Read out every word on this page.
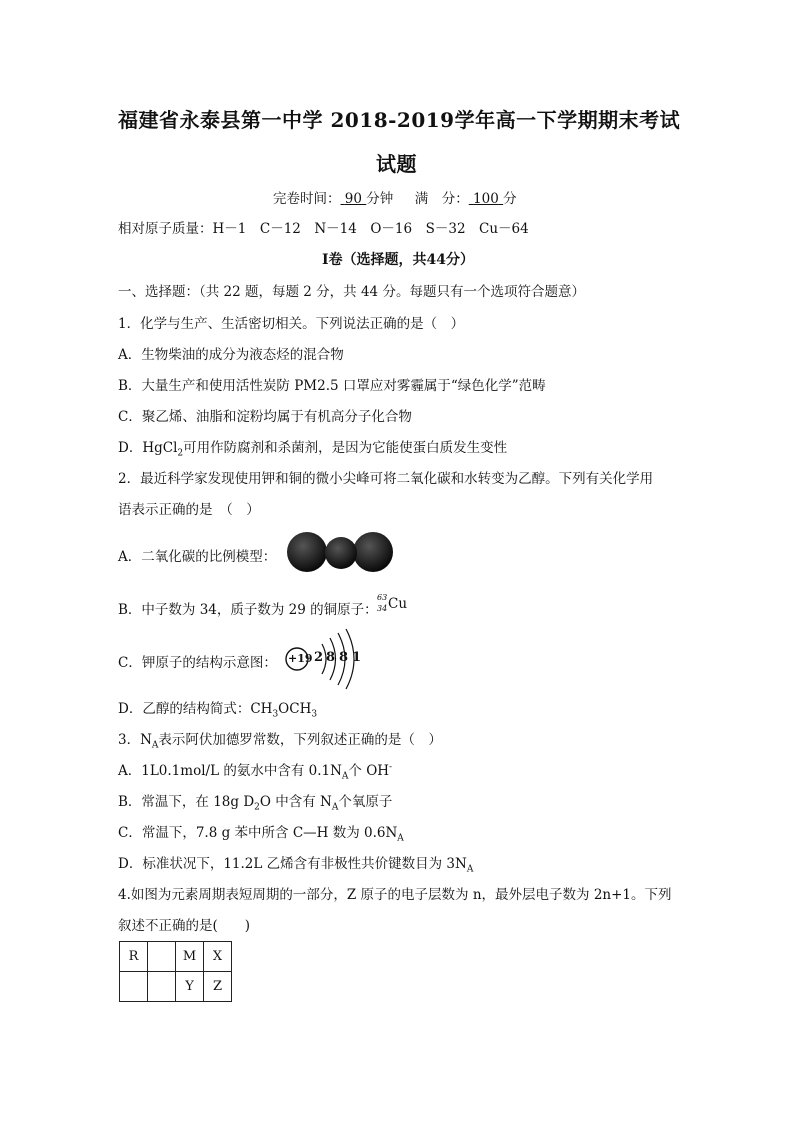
福建省永泰县第一中学 2018-2019学年高一下学期期末考试
试题
完卷时间： 90 分钟 满　分： 100 分
相对原子质量：H－1　C－12　N－14　O－16　S－32　Cu－64
Ⅰ卷（选择题，共44分）
一、选择题：（共 22 题，每题 2 分，共 44 分。每题只有一个选项符合题意）
1．化学与生产、生活密切相关。下列说法正确的是（　）
A．生物柴油的成分为液态烃的混合物
B．大量生产和使用活性炭防 PM2.5 口罩应对雾霾属于“绿色化学”范畴
C．聚乙烯、油脂和淀粉均属于有机高分子化合物
D．HgCl$_2$可用作防腐剂和杀菌剂，是因为它能使蛋白质发生变性
2．最近科学家发现使用钾和铜的微小尖峰可将二氧化碳和水转变为乙醇。下列有关化学用
语表示正确的是　（　）
A．二氧化碳的比例模型：
B．中子数为 34，质子数为 29 的铜原子：
63
34 Cu
C．钾原子的结构示意图： +19 2 8 8 1
D．乙醇的结构简式：$CH_3OCH_3$
3．$N_A$表示阿伏加德罗常数，下列叙述正确的是（　）
A．1L0.1mol/L 的氨水中含有 $0.1N_A$个 OH-
B．常温下，在 18g $D_2O$ 中含有 $N_A$个氧原子
C．常温下，7.8 g 苯中所含 C—H 数为 $0.6N_A$
D．标准状况下，11.2L 乙烯含有非极性共价键数目为 $3N_A$
4.如图为元素周期表短周期的一部分，Z 原子的电子层数为 n，最外层电子数为 2n+1。下列
叙述不正确的是(　　)
R		M	X
		Y	Z
